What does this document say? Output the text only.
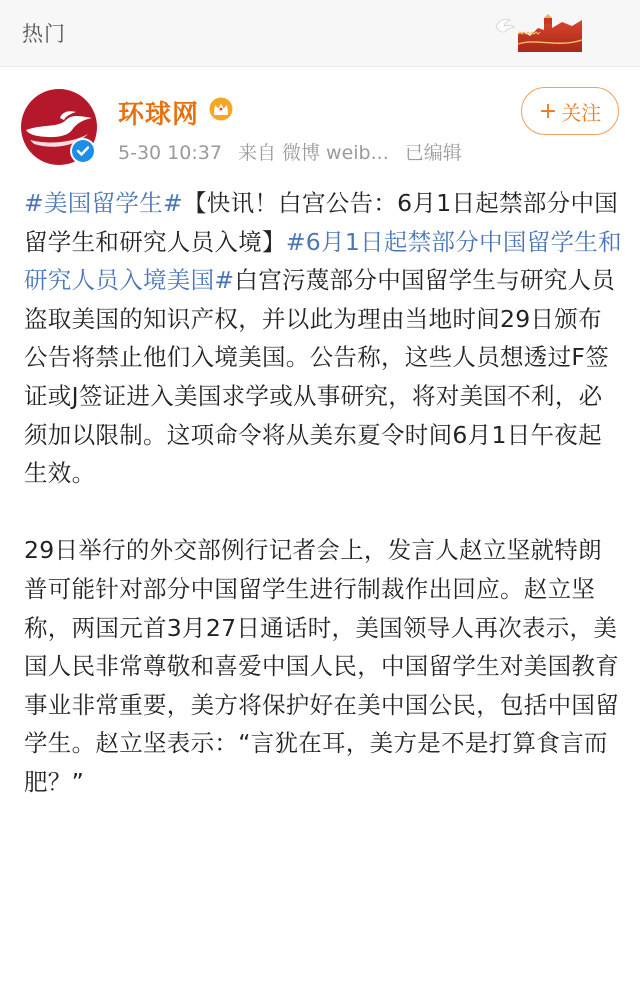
热门
环球网
5-30 10:37 来自 微博 weib... 已编辑
+ 关注

#美国留学生#【快讯！白宫公告：6月1日起禁部分中国留学生和研究人员入境】#6月1日起禁部分中国留学生和研究人员入境美国#白宫污蔑部分中国留学生与研究人员盗取美国的知识产权，并以此为理由当地时间29日颁布公告将禁止他们入境美国。公告称，这些人员想透过F签证或J签证进入美国求学或从事研究，将对美国不利，必须加以限制。这项命令将从美东夏令时间6月1日午夜起生效。

29日举行的外交部例行记者会上，发言人赵立坚就特朗普可能针对部分中国留学生进行制裁作出回应。赵立坚称，两国元首3月27日通话时，美国领导人再次表示，美国人民非常尊敬和喜爱中国人民，中国留学生对美国教育事业非常重要，美方将保护好在美中国公民，包括中国留学生。赵立坚表示：“言犹在耳，美方是不是打算食言而肥？”
